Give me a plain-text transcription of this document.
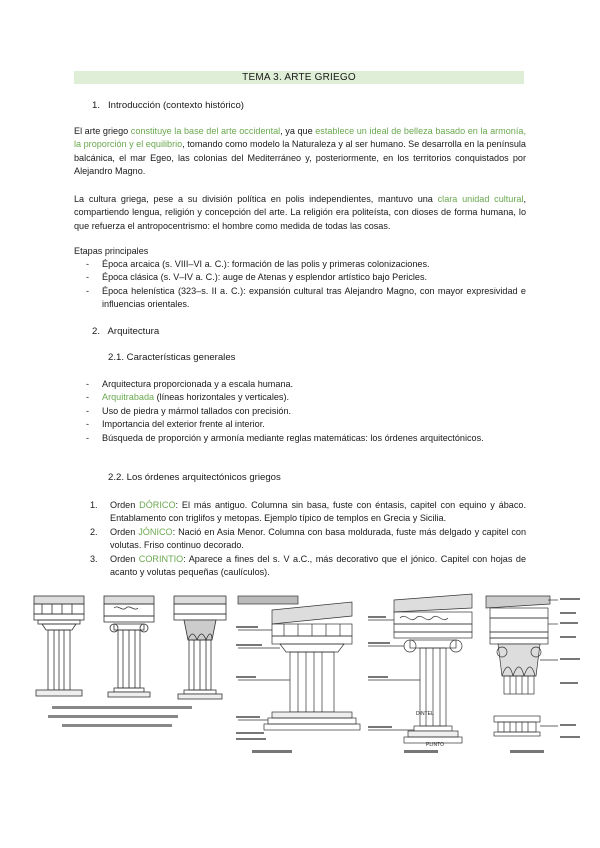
TEMA 3. ARTE GRIEGO
1. Introducción (contexto histórico)
El arte griego constituye la base del arte occidental, ya que establece un ideal de belleza basado en la armonía, la proporción y el equilibrio, tomando como modelo la Naturaleza y al ser humano. Se desarrolla en la península balcánica, el mar Egeo, las colonias del Mediterráneo y, posteriormente, en los territorios conquistados por Alejandro Magno.
La cultura griega, pese a su división política en polis independientes, mantuvo una clara unidad cultural, compartiendo lengua, religión y concepción del arte. La religión era politeísta, con dioses de forma humana, lo que refuerza el antropocentrismo: el hombre como medida de todas las cosas.
Etapas principales
- Época arcaica (s. VIII–VI a. C.): formación de las polis y primeras colonizaciones.
- Época clásica (s. V–IV a. C.): auge de Atenas y esplendor artístico bajo Pericles.
- Época helenística (323–s. II a. C.): expansión cultural tras Alejandro Magno, con mayor expresividad e influencias orientales.
2. Arquitectura
2.1. Características generales
- Arquitectura proporcionada y a escala humana.
- Arquitrabada (líneas horizontales y verticales).
- Uso de piedra y mármol tallados con precisión.
- Importancia del exterior frente al interior.
- Búsqueda de proporción y armonía mediante reglas matemáticas: los órdenes arquitectónicos.
2.2. Los órdenes arquitectónicos griegos
1. Orden DÓRICO: El más antiguo. Columna sin basa, fuste con éntasis, capitel con equino y ábaco. Entablamento con triglifos y metopas. Ejemplo típico de templos en Grecia y Sicilia.
2. Orden JÓNICO: Nació en Asia Menor. Columna con basa moldurada, fuste más delgado y capitel con volutas. Friso continuo decorado.
3. Orden CORINTIO: Aparece a fines del s. V a.C., más decorativo que el jónico. Capitel con hojas de acanto y volutas pequeñas (caulículos).
DINTEL
PLINTO
